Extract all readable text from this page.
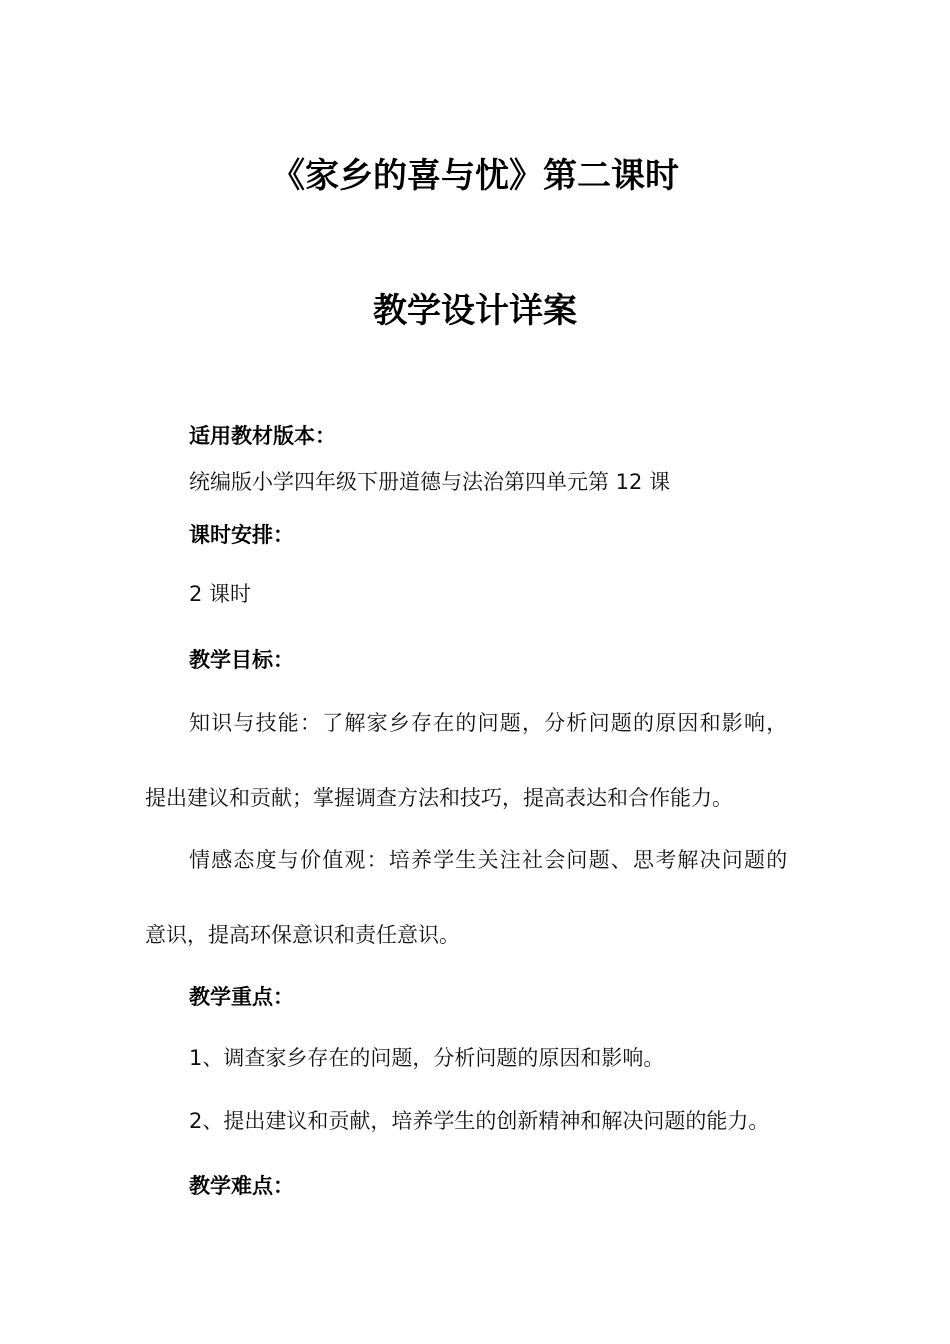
《家乡的喜与忧》第二课时
教学设计详案
适用教材版本：
统编版小学四年级下册道德与法治第四单元第 12 课
课时安排：
2 课时
教学目标：
知识与技能：了解家乡存在的问题，分析问题的原因和影响，
提出建议和贡献；掌握调查方法和技巧，提高表达和合作能力。
情感态度与价值观：培养学生关注社会问题、思考解决问题的
意识，提高环保意识和责任意识。
教学重点：
1、调查家乡存在的问题，分析问题的原因和影响。
2、提出建议和贡献，培养学生的创新精神和解决问题的能力。
教学难点：
